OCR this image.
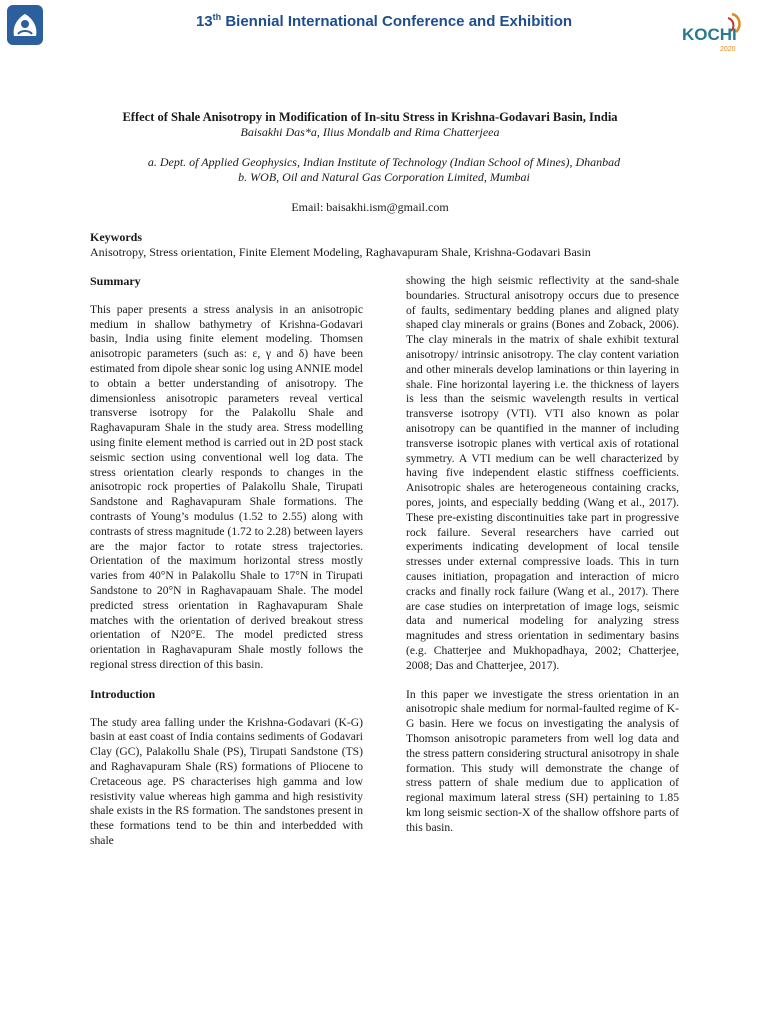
13th Biennial International Conference and Exhibition
KOCHI
2020
Effect of Shale Anisotropy in Modification of In-situ Stress in Krishna-Godavari Basin, India
Baisakhi Das*a, Ilius Mondalb and Rima Chatterjeea
a. Dept. of Applied Geophysics, Indian Institute of Technology (Indian School of Mines), Dhanbad
b. WOB, Oil and Natural Gas Corporation Limited, Mumbai
Email: baisakhi.ism@gmail.com
Keywords
Anisotropy, Stress orientation, Finite Element Modeling, Raghavapuram Shale, Krishna-Godavari Basin
Summary

This paper presents a stress analysis in an anisotropic medium in shallow bathymetry of Krishna-Godavari basin, India using finite element modeling. Thomsen anisotropic parameters (such as: ε, γ and δ) have been estimated from dipole shear sonic log using ANNIE model to obtain a better understanding of anisotropy. The dimensionless anisotropic parameters reveal vertical transverse isotropy for the Palakollu Shale and Raghavapuram Shale in the study area. Stress modelling using finite element method is carried out in 2D post stack seismic section using conventional well log data. The stress orientation clearly responds to changes in the anisotropic rock properties of Palakollu Shale, Tirupati Sandstone and Raghavapuram Shale formations. The contrasts of Young’s modulus (1.52 to 2.55) along with contrasts of stress magnitude (1.72 to 2.28) between layers are the major factor to rotate stress trajectories. Orientation of the maximum horizontal stress mostly varies from 40°N in Palakollu Shale to 17°N in Tirupati Sandstone to 20°N in Raghavapauam Shale. The model predicted stress orientation in Raghavapuram Shale matches with the orientation of derived breakout stress orientation of N20°E. The model predicted stress orientation in Raghavapuram Shale mostly follows the regional stress direction of this basin.

Introduction

The study area falling under the Krishna-Godavari (K-G) basin at east coast of India contains sediments of Godavari Clay (GC), Palakollu Shale (PS), Tirupati Sandstone (TS) and Raghavapuram Shale (RS) formations of Pliocene to Cretaceous age. PS characterises high gamma and low resistivity value whereas high gamma and high resistivity shale exists in the RS formation. The sandstones present in these formations tend to be thin and interbedded with shale

showing the high seismic reflectivity at the sand-shale boundaries. Structural anisotropy occurs due to presence of faults, sedimentary bedding planes and aligned platy shaped clay minerals or grains (Bones and Zoback, 2006). The clay minerals in the matrix of shale exhibit textural anisotropy/ intrinsic anisotropy. The clay content variation and other minerals develop laminations or thin layering in shale. Fine horizontal layering i.e. the thickness of layers is less than the seismic wavelength results in vertical transverse isotropy (VTI). VTI also known as polar anisotropy can be quantified in the manner of including transverse isotropic planes with vertical axis of rotational symmetry. A VTI medium can be well characterized by having five independent elastic stiffness coefficients. Anisotropic shales are heterogeneous containing cracks, pores, joints, and especially bedding (Wang et al., 2017). These pre-existing discontinuities take part in progressive rock failure. Several researchers have carried out experiments indicating development of local tensile stresses under external compressive loads. This in turn causes initiation, propagation and interaction of micro cracks and finally rock failure (Wang et al., 2017). There are case studies on interpretation of image logs, seismic data and numerical modeling for analyzing stress magnitudes and stress orientation in sedimentary basins (e.g. Chatterjee and Mukhopadhaya, 2002; Chatterjee, 2008; Das and Chatterjee, 2017).

In this paper we investigate the stress orientation in an anisotropic shale medium for normal-faulted regime of K-G basin. Here we focus on investigating the analysis of Thomson anisotropic parameters from well log data and the stress pattern considering structural anisotropy in shale formation. This study will demonstrate the change of stress pattern of shale medium due to application of regional maximum lateral stress (SH) pertaining to 1.85 km long seismic section-X of the shallow offshore parts of this basin.
